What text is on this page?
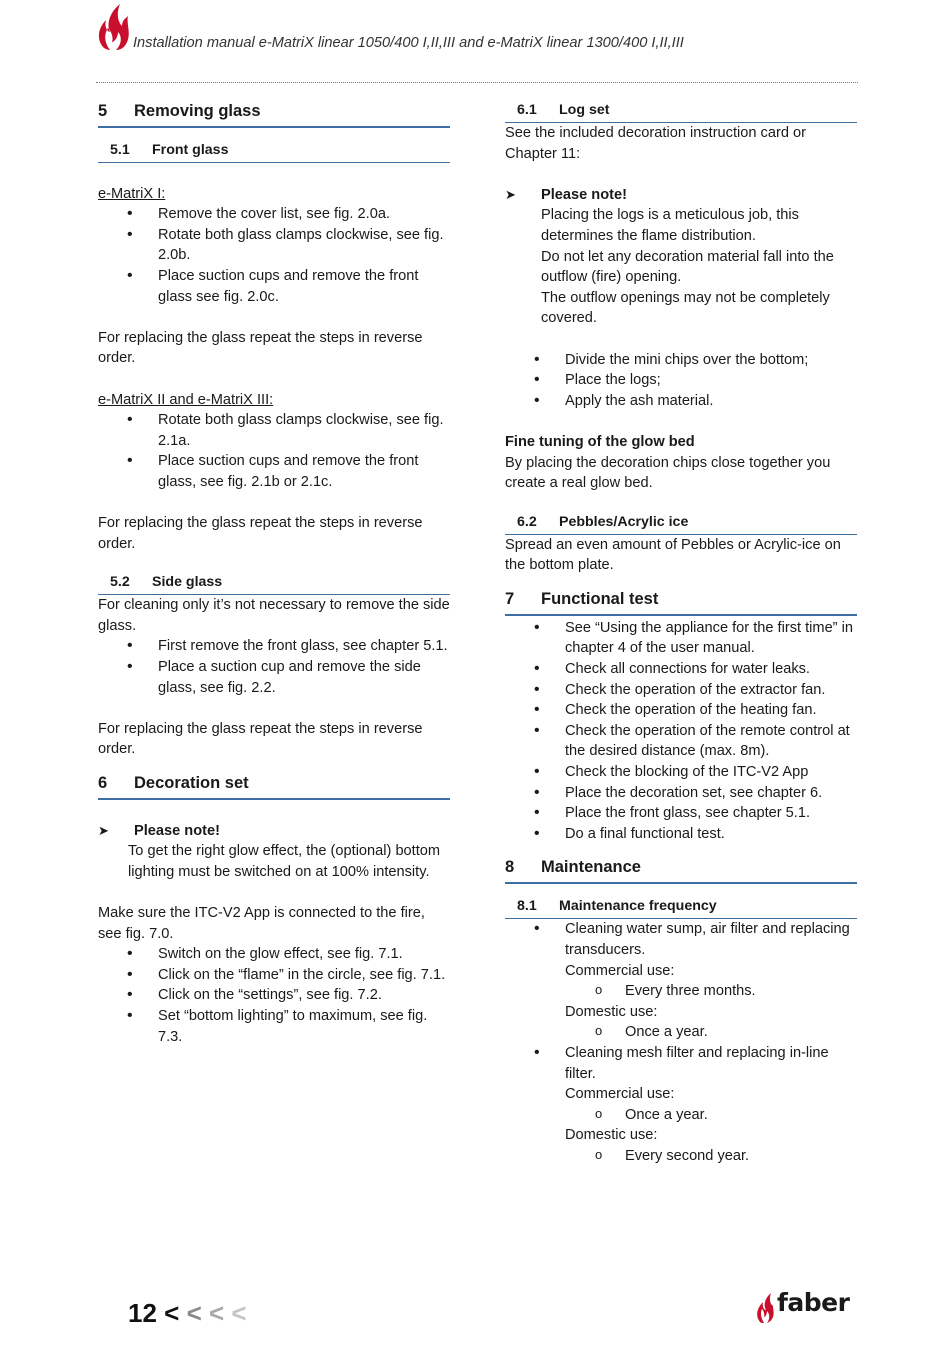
Installation manual e-MatriX linear 1050/400 I,II,III and e-MatriX linear 1300/400 I,II,III
5 Removing glass
5.1 Front glass

e-MatriX I:

• Remove the cover list, see fig. 2.0a.
• Rotate both glass clamps clockwise, see fig. 2.0b.
• Place suction cups and remove the front glass see fig. 2.0c.

For replacing the glass repeat the steps in reverse order.

e-MatriX II and e-MatriX III:

• Rotate both glass clamps clockwise, see fig. 2.1a.
• Place suction cups and remove the front glass, see fig. 2.1b or 2.1c.

For replacing the glass repeat the steps in reverse order.

5.2 Side glass

For cleaning only it’s not necessary to remove the side glass.

• First remove the front glass, see chapter 5.1.
• Place a suction cup and remove the side glass, see fig. 2.2.

For replacing the glass repeat the steps in reverse order.

6 Decoration set
➤ Please note!

To get the right glow effect, the (optional) bottom lighting must be switched on at 100% intensity.

Make sure the ITC-V2 App is connected to the fire, see fig. 7.0.

• Switch on the glow effect, see fig. 7.1.
• Click on the “flame” in the circle, see fig. 7.1.
• Click on the “settings”, see fig. 7.2.
• Set “bottom lighting” to maximum, see fig. 7.3.
6.1 Log set

See the included decoration instruction card or Chapter 11:

➤ Please note!
Placing the logs is a meticulous job, this determines the flame distribution.
Do not let any decoration material fall into the outflow (fire) opening.
The outflow openings may not be completely covered.
• Divide the mini chips over the bottom;
• Place the logs;
• Apply the ash material.

Fine tuning of the glow bed

By placing the decoration chips close together you create a real glow bed.

6.2 Pebbles/Acrylic ice

Spread an even amount of Pebbles or Acrylic-ice on the bottom plate.

7 Functional test
• See “Using the appliance for the first time” in chapter 4 of the user manual.
• Check all connections for water leaks.
• Check the operation of the extractor fan.
• Check the operation of the heating fan.
• Check the operation of the remote control at the desired distance (max. 8m).
• Check the blocking of the ITC-V2 App
• Place the decoration set, see chapter 6.
• Place the front glass, see chapter 5.1.
• Do a final functional test.
8 Maintenance
8.1 Maintenance frequency
• Cleaning water sump, air filter and replacing transducers.
Commercial use:
o Every three months.
Domestic use:
o Once a year.
• Cleaning mesh filter and replacing in-line filter.
Commercial use:
o Once a year.
Domestic use:
o Every second year.
12 < < < <	faber
